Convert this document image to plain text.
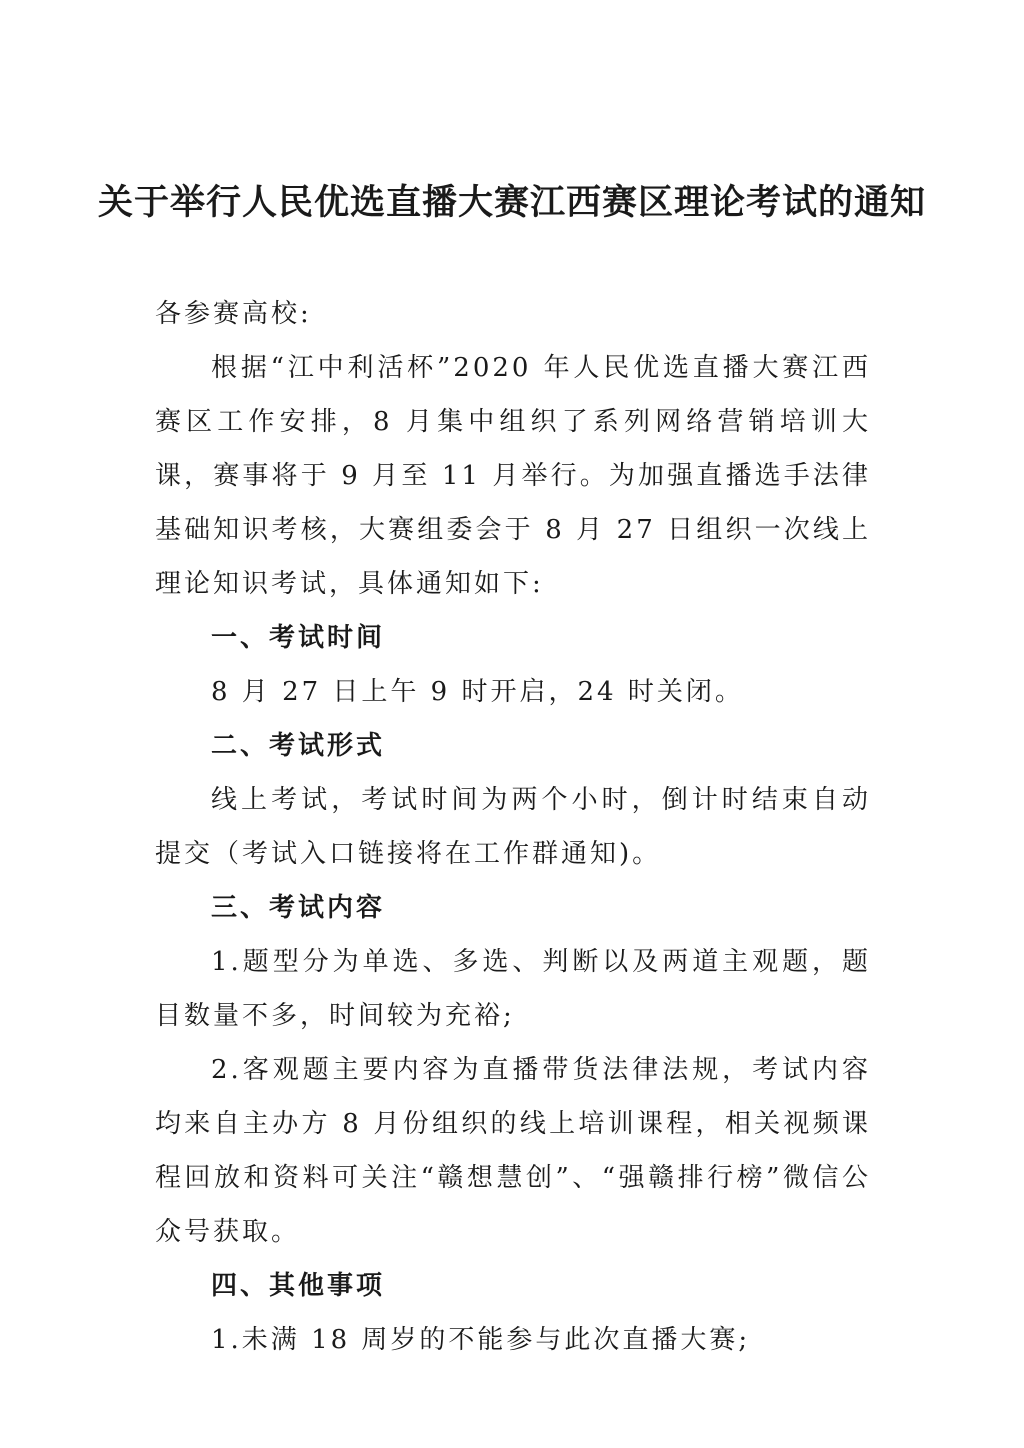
关于举行人民优选直播大赛江西赛区理论考试的通知

各参赛高校:

根据“江中利活杯”2020 年人民优选直播大赛江西赛区工作安排，8 月集中组织了系列网络营销培训大课，赛事将于 9 月至 11 月举行。为加强直播选手法律基础知识考核，大赛组委会于 8 月 27 日组织一次线上理论知识考试，具体通知如下:

一、考试时间

8 月 27 日上午 9 时开启，24 时关闭。

二、考试形式

线上考试，考试时间为两个小时，倒计时结束自动提交（考试入口链接将在工作群通知)。

三、考试内容

1.题型分为单选、多选、判断以及两道主观题，题目数量不多，时间较为充裕;

2.客观题主要内容为直播带货法律法规，考试内容均来自主办方 8 月份组织的线上培训课程，相关视频课程回放和资料可关注“赣想慧创”、“强赣排行榜”微信公众号获取。

四、其他事项

1.未满 18 周岁的不能参与此次直播大赛;
